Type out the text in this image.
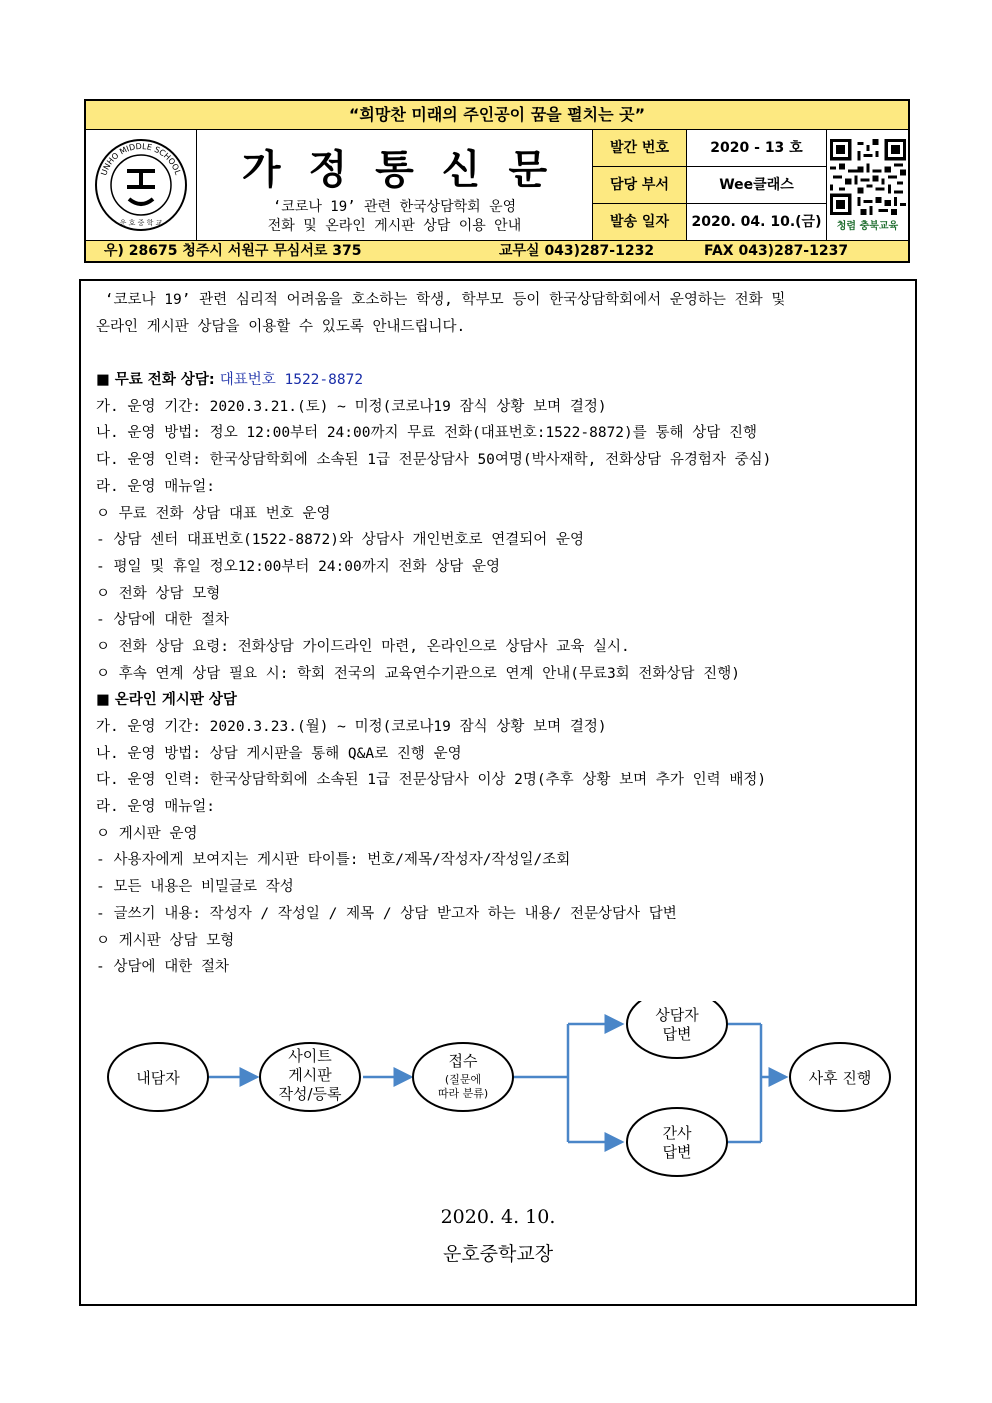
“희망찬 미래의 주인공이 꿈을 펼치는 곳”
UNHO MIDDLE SCHOOL
운 호 중 학 교
가정통신문
‘코로나 19’ 관련 한국상담학회 운영
전화 및 온라인 게시판 상담 이용 안내
발간 번호	2020 - 13 호
담당 부서	Wee클래스
발송 일자	2020. 04. 10.(금)	청렴 충북교육
우) 28675 청주시 서원구 무심서로 375	교무실 043)287-1232	FAX 043)287-1237
‘코로나 19’ 관련 심리적 어려움을 호소하는 학생, 학부모 등이 한국상담학회에서 운영하는 전화 및
온라인 게시판 상담을 이용할 수 있도록 안내드립니다.

■ 무료 전화 상담: 대표번호 1522-8872
가. 운영 기간: 2020.3.21.(토) ~ 미정(코로나19 잠식 상황 보며 결정)
나. 운영 방법: 정오 12:00부터 24:00까지 무료 전화(대표번호:1522-8872)를 통해 상담 진행
다. 운영 인력: 한국상담학회에 소속된 1급 전문상담사 50여명(박사재학, 전화상담 유경험자 중심)
라. 운영 매뉴얼:
ㅇ 무료 전화 상담 대표 번호 운영
- 상담 센터 대표번호(1522-8872)와 상담사 개인번호로 연결되어 운영
- 평일 및 휴일 정오12:00부터 24:00까지 전화 상담 운영
ㅇ 전화 상담 모형
- 상담에 대한 절차
ㅇ 전화 상담 요령: 전화상담 가이드라인 마련, 온라인으로 상담사 교육 실시.
ㅇ 후속 연계 상담 필요 시: 학회 전국의 교육연수기관으로 연계 안내(무료3회 전화상담 진행)
■ 온라인 게시판 상담
가. 운영 기간: 2020.3.23.(월) ~ 미정(코로나19 잠식 상황 보며 결정)
나. 운영 방법: 상담 게시판을 통해 Q&A로 진행 운영
다. 운영 인력: 한국상담학회에 소속된 1급 전문상담사 이상 2명(추후 상황 보며 추가 인력 배정)
라. 운영 매뉴얼:
ㅇ 게시판 운영
- 사용자에게 보여지는 게시판 타이틀: 번호/제목/작성자/작성일/조회
- 모든 내용은 비밀글로 작성
- 글쓰기 내용: 작성자 / 작성일 / 제목 / 상담 받고자 하는 내용/ 전문상담사 답변
ㅇ 게시판 상담 모형
- 상담에 대한 절차
내담자
사이트
게시판
작성/등록
접수
(질문에
따라 분류)
상담자
답변
간사
답변
사후 진행
2020. 4. 10.
운호중학교장
